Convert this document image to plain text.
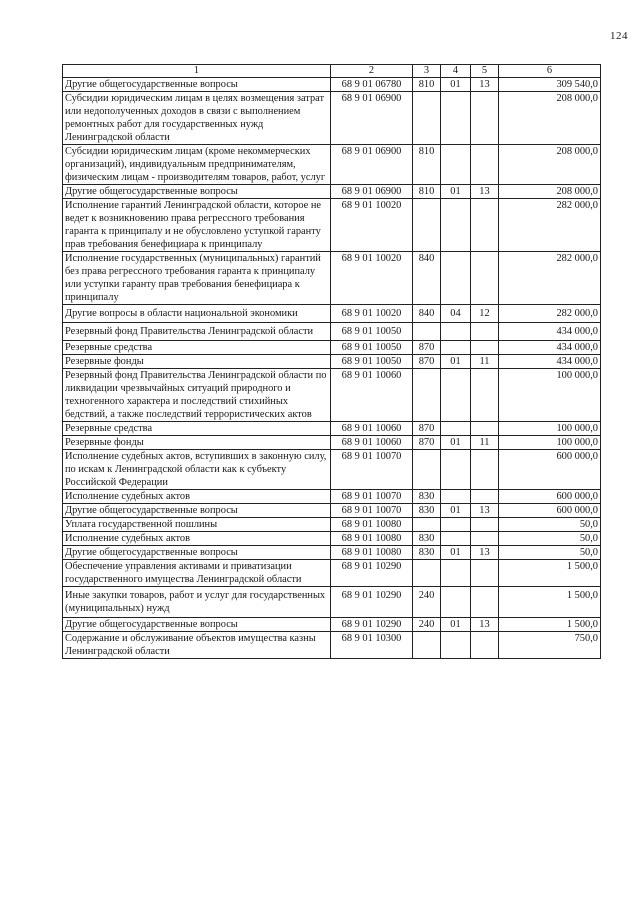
124
1	2	3	4	5	6
Другие общегосударственные вопросы	68 9 01 06780	810	01	13	309 540,0
Субсидии юридическим лицам в целях возмещения затрат или недополученных доходов в связи с выполнением ремонтных работ для государственных нужд Ленинградской области	68 9 01 06900				208 000,0
Субсидии юридическим лицам (кроме некоммерческих организаций), индивидуальным предпринимателям, физическим лицам - производителям товаров, работ, услуг	68 9 01 06900	810			208 000,0
Другие общегосударственные вопросы	68 9 01 06900	810	01	13	208 000,0
Исполнение гарантий Ленинградской области, которое не ведет к возникновению права регрессного требования гаранта к принципалу и не обусловлено уступкой гаранту прав требования бенефициара к принципалу	68 9 01 10020				282 000,0
Исполнение государственных (муниципальных) гарантий без права регрессного требования гаранта к принципалу или уступки гаранту прав требования бенефициара к принципалу	68 9 01 10020	840			282 000,0
Другие вопросы в области национальной экономики	68 9 01 10020	840	04	12	282 000,0
Резервный фонд Правительства Ленинградской области	68 9 01 10050				434 000,0
Резервные средства	68 9 01 10050	870			434 000,0
Резервные фонды	68 9 01 10050	870	01	11	434 000,0
Резервный фонд Правительства Ленинградской области по ликвидации чрезвычайных ситуаций природного и техногенного характера и последствий стихийных бедствий, а также последствий террористических актов	68 9 01 10060				100 000,0
Резервные средства	68 9 01 10060	870			100 000,0
Резервные фонды	68 9 01 10060	870	01	11	100 000,0
Исполнение судебных актов, вступивших в законную силу, по искам к Ленинградской области как к субъекту Российской Федерации	68 9 01 10070				600 000,0
Исполнение судебных актов	68 9 01 10070	830			600 000,0
Другие общегосударственные вопросы	68 9 01 10070	830	01	13	600 000,0
Уплата государственной пошлины	68 9 01 10080				50,0
Исполнение судебных актов	68 9 01 10080	830			50,0
Другие общегосударственные вопросы	68 9 01 10080	830	01	13	50,0
Обеспечение управления активами и приватизации государственного имущества Ленинградской области	68 9 01 10290				1 500,0
Иные закупки товаров, работ и услуг для государственных (муниципальных) нужд	68 9 01 10290	240			1 500,0
Другие общегосударственные вопросы	68 9 01 10290	240	01	13	1 500,0
Содержание и обслуживание объектов имущества казны Ленинградской области	68 9 01 10300				750,0
